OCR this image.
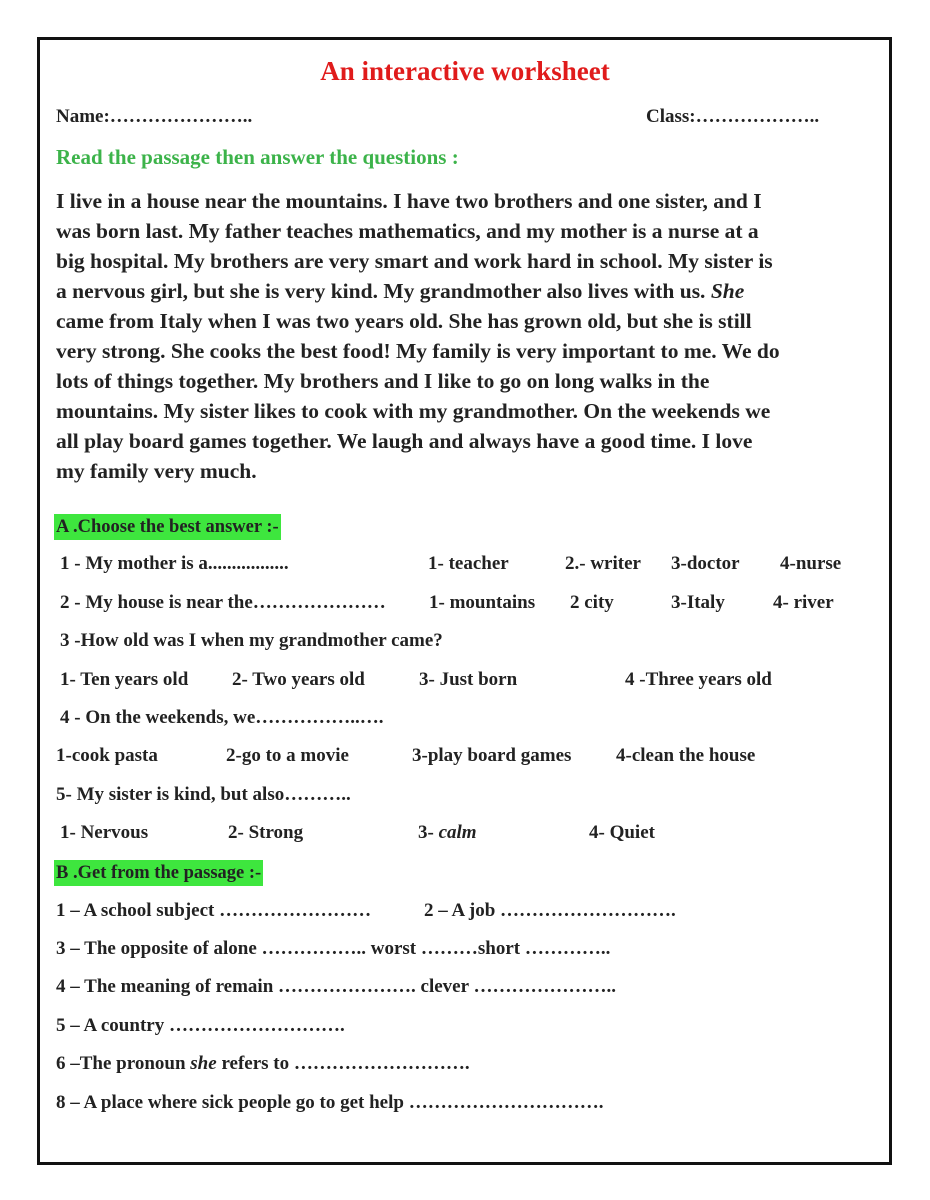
An interactive worksheet
Name:…………………..	Class:………………..
Read the passage then answer the questions :
I live in a house near the mountains. I have two brothers and one sister, and I
was born last. My father teaches mathematics, and my mother is a nurse at a
big hospital. My brothers are very smart and work hard in school. My sister is
a nervous girl, but she is very kind. My grandmother also lives with us. She
came from Italy when I was two years old. She has grown old, but she is still
very strong. She cooks the best food! My family is very important to me. We do
lots of things together. My brothers and I like to go on long walks in the
mountains. My sister likes to cook with my grandmother. On the weekends we
all play board games together. We laugh and always have a good time. I love
my family very much.
A .Choose the best answer :-
1 - My mother is a.................	1- teacher	2.- writer 3-doctor 4-nurse
2 - My house is near the………………… 1- mountains 2 city	3-Italy	4- river
3 -How old was I when my grandmother came?
1- Ten years old 2- Two years old	3- Just born	4 -Three years old
4 - On the weekends, we……………..….
1-cook pasta	2-go to a movie	3-play board games 4-clean the house
5- My sister is kind, but also………..
1- Nervous	2- Strong	3- calm	4- Quiet
B .Get from the passage :-
1 – A school subject ……………………	2 – A job ……………………….
3 – The opposite of alone …………….. worst ………short …………..
4 – The meaning of remain …………………. clever …………………..
5 – A country ……………………….
6 –The pronoun she refers to ……………………….
8 – A place where sick people go to get help ………………………….
